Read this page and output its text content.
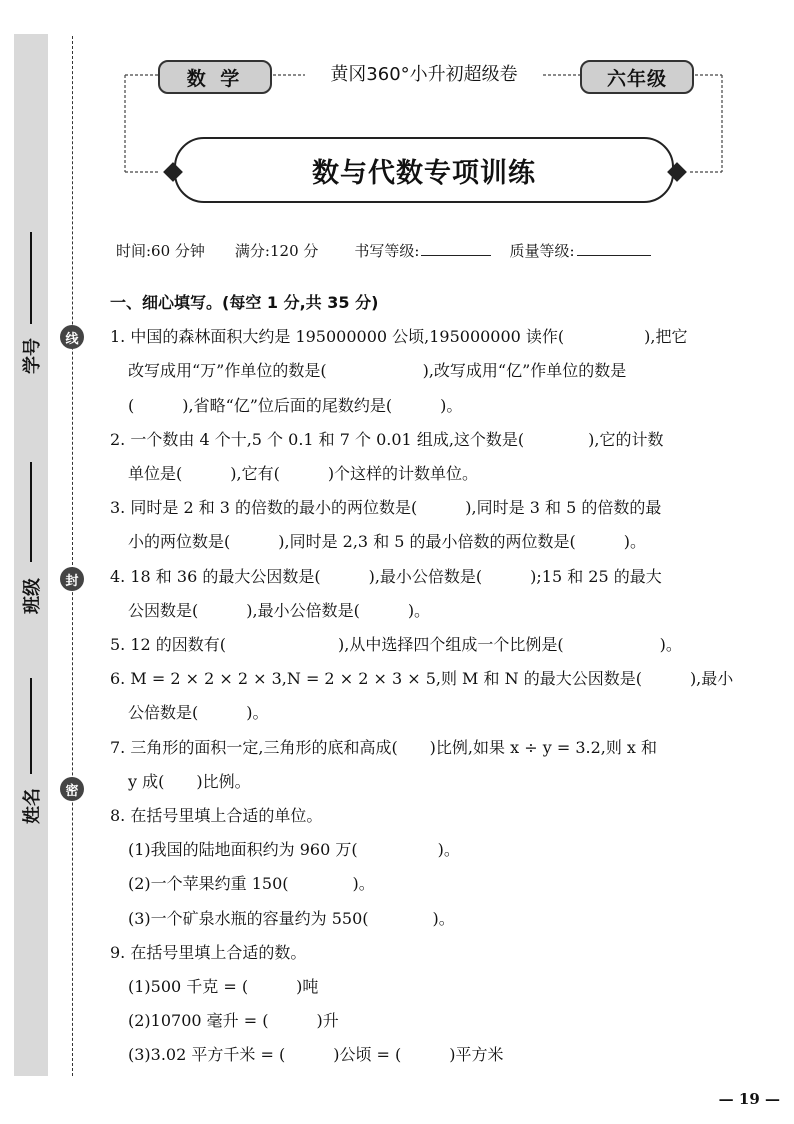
学号
班级
姓名
线
封
密
数 学	黄冈360°小升初超级卷	六年级
数与代数专项训练
时间:60 分钟 满分:120 分 书写等级:	质量等级:
一、细心填写。(每空 1 分,共 35 分)
1. 中国的森林面积大约是 195000000 公顷,195000000 读作(　　　　　),把它
改写成用“万”作单位的数是(　　　　　　),改写成用“亿”作单位的数是
(　　　),省略“亿”位后面的尾数约是(　　　)。
2. 一个数由 4 个十,5 个 0.1 和 7 个 0.01 组成,这个数是(　　　　),它的计数
单位是(　　　),它有(　　　)个这样的计数单位。
3. 同时是 2 和 3 的倍数的最小的两位数是(　　　),同时是 3 和 5 的倍数的最
小的两位数是(　　　),同时是 2,3 和 5 的最小倍数的两位数是(　　　)。
4. 18 和 36 的最大公因数是(　　　),最小公倍数是(　　　);15 和 25 的最大
公因数是(　　　),最小公倍数是(　　　)。
5. 12 的因数有(　　　　　　　),从中选择四个组成一个比例是(　　　　　　)。
6. M = 2 × 2 × 2 × 3,N = 2 × 2 × 3 × 5,则 M 和 N 的最大公因数是(　　　),最小
公倍数是(　　　)。
7. 三角形的面积一定,三角形的底和高成(　　)比例,如果 x ÷ y = 3.2,则 x 和
y 成(　　)比例。
8. 在括号里填上合适的单位。
(1)我国的陆地面积约为 960 万(　　　　　)。
(2)一个苹果约重 150(　　　　)。
(3)一个矿泉水瓶的容量约为 550(　　　　)。
9. 在括号里填上合适的数。
(1)500 千克 = (　　　)吨
(2)10700 毫升 = (　　　)升
(3)3.02 平方千米 = (　　　)公顷 = (　　　)平方米
— 19 —
